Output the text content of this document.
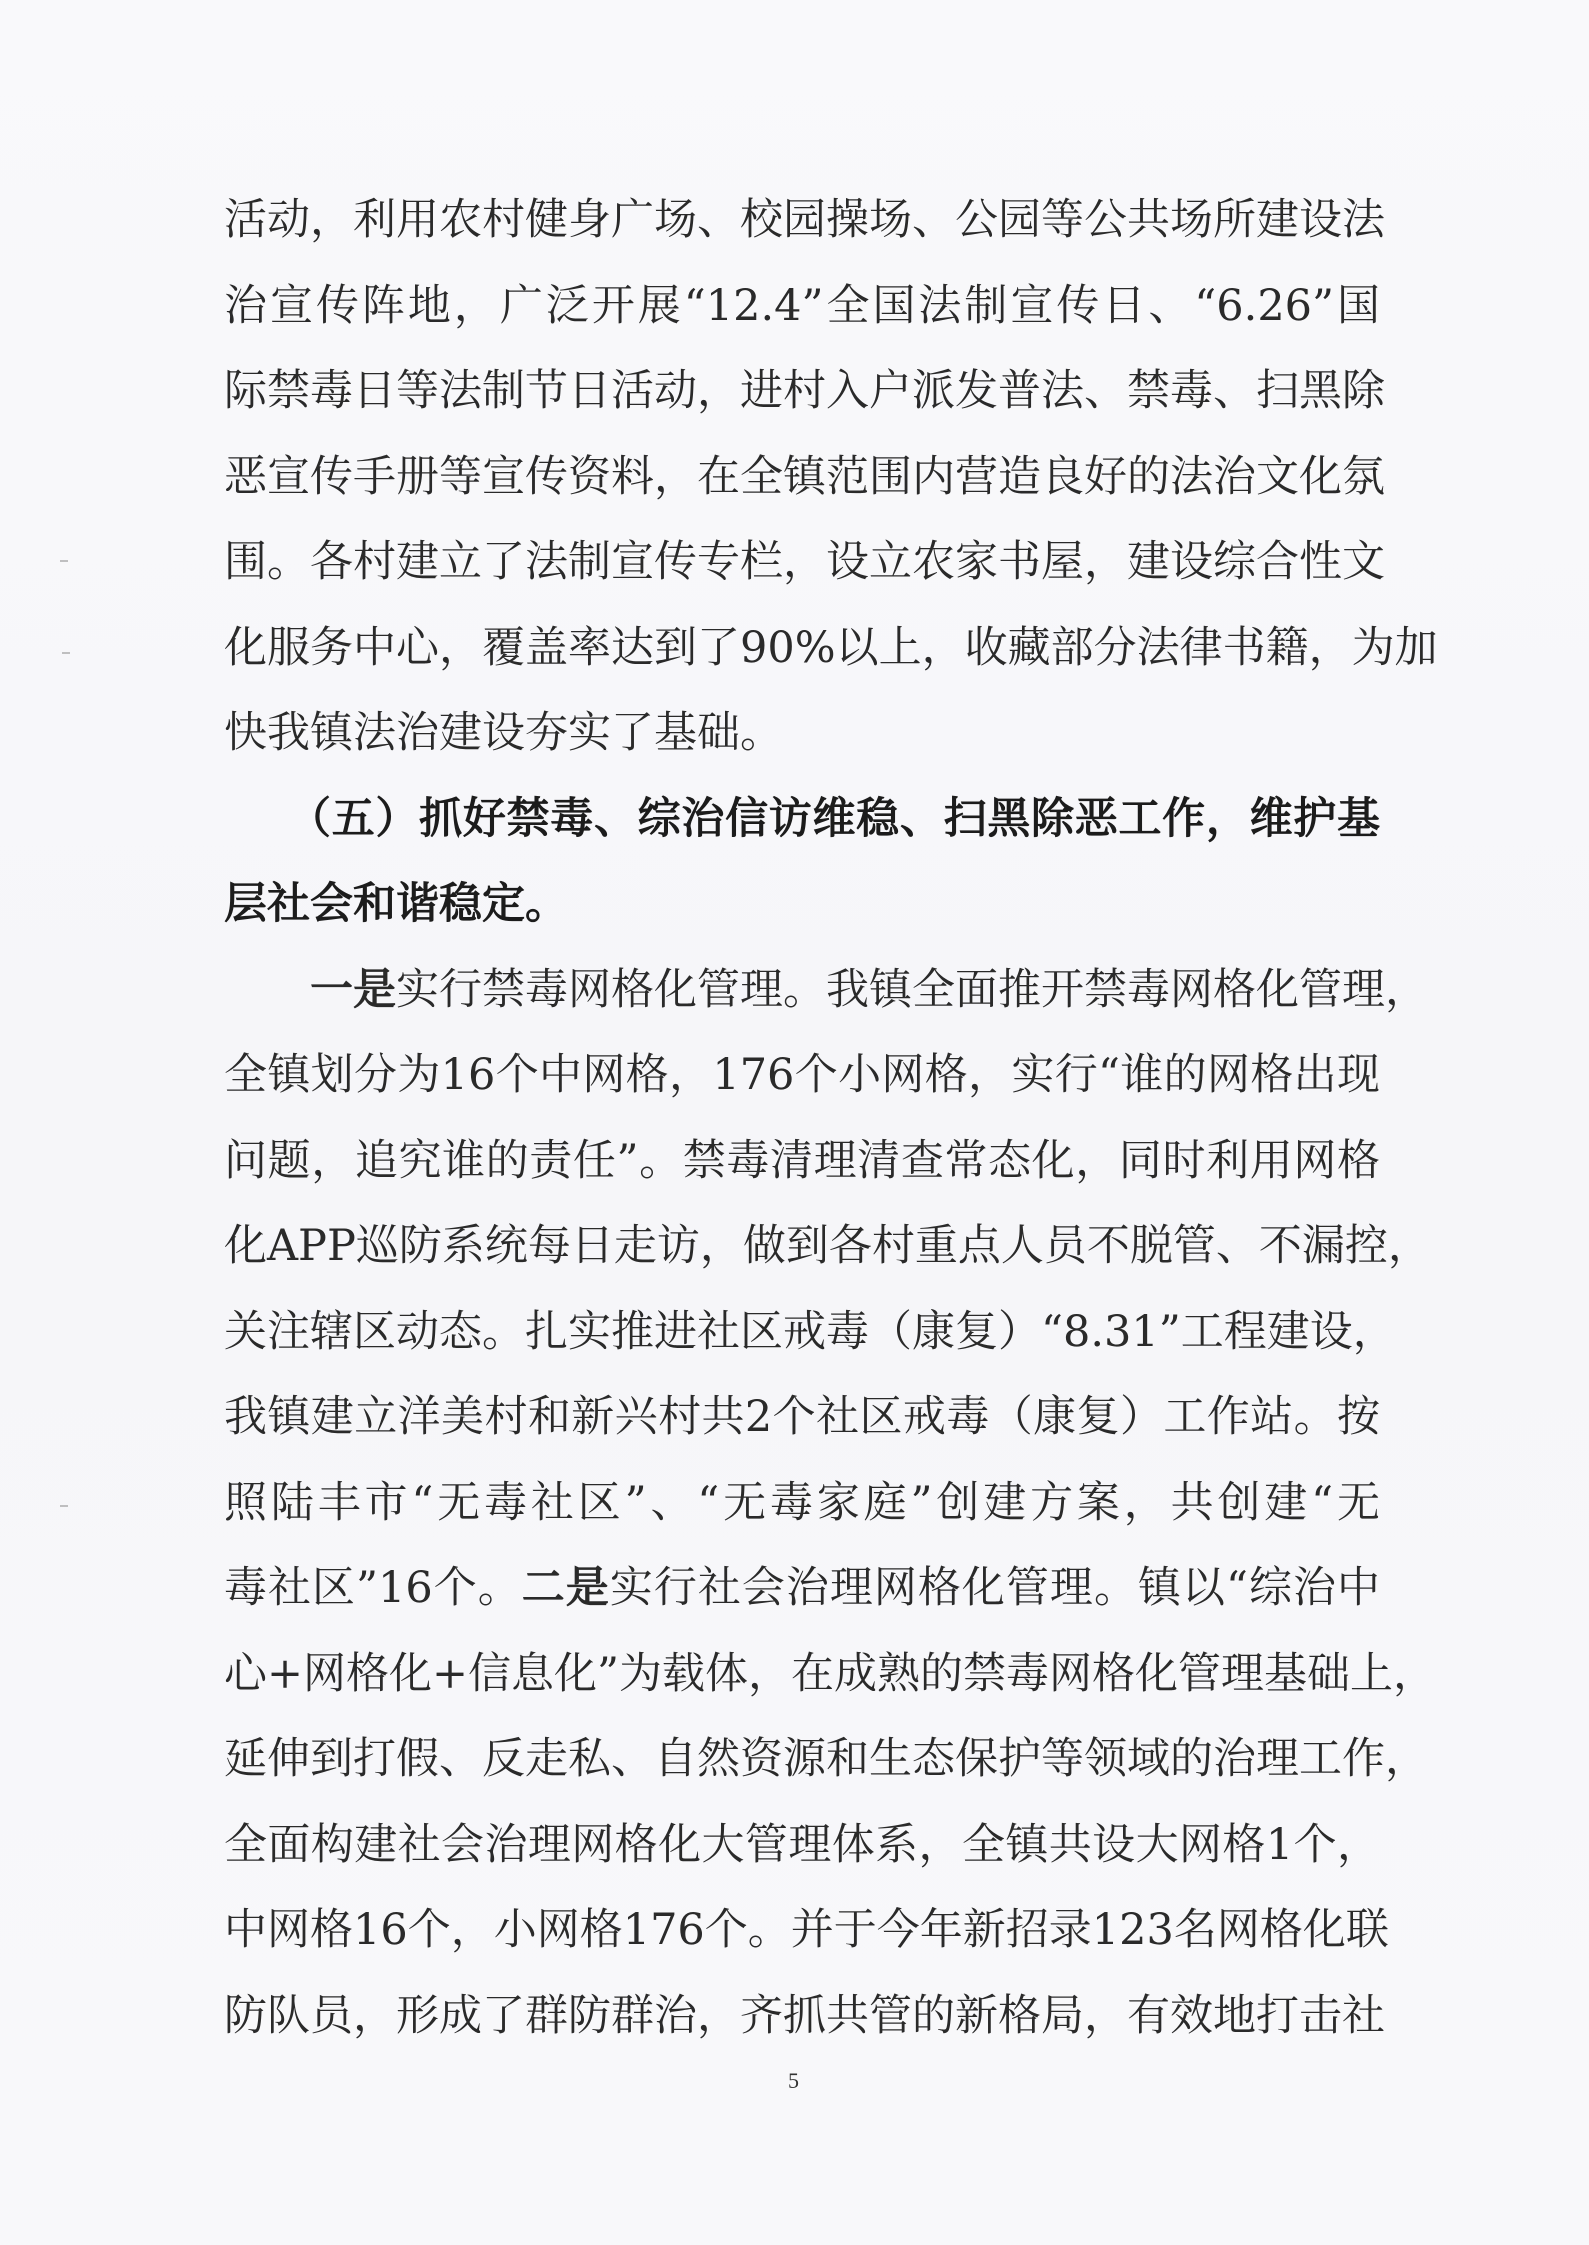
活动，利用农村健身广场、校园操场、公园等公共场所建设法
治宣传阵地，广泛开展“12.4”全国法制宣传日、“6.26”国
际禁毒日等法制节日活动，进村入户派发普法、禁毒、扫黑除
恶宣传手册等宣传资料，在全镇范围内营造良好的法治文化氛
围。各村建立了法制宣传专栏，设立农家书屋，建设综合性文
化服务中心，覆盖率达到了90%以上，收藏部分法律书籍，为加
快我镇法治建设夯实了基础。
（五）抓好禁毒、综治信访维稳、扫黑除恶工作，维护基
层社会和谐稳定。
一是实行禁毒网格化管理。我镇全面推开禁毒网格化管理，
全镇划分为16个中网格，176个小网格，实行“谁的网格出现
问题，追究谁的责任”。禁毒清理清查常态化，同时利用网格
化APP巡防系统每日走访，做到各村重点人员不脱管、不漏控，
关注辖区动态。扎实推进社区戒毒（康复）“8.31”工程建设，
我镇建立洋美村和新兴村共2个社区戒毒（康复）工作站。按
照陆丰市“无毒社区”、“无毒家庭”创建方案，共创建“无
毒社区”16个。二是实行社会治理网格化管理。镇以“综治中
心+网格化+信息化”为载体，在成熟的禁毒网格化管理基础上，
延伸到打假、反走私、自然资源和生态保护等领域的治理工作，
全面构建社会治理网格化大管理体系，全镇共设大网格1个，
中网格16个，小网格176个。并于今年新招录123名网格化联
防队员，形成了群防群治，齐抓共管的新格局，有效地打击社
5
